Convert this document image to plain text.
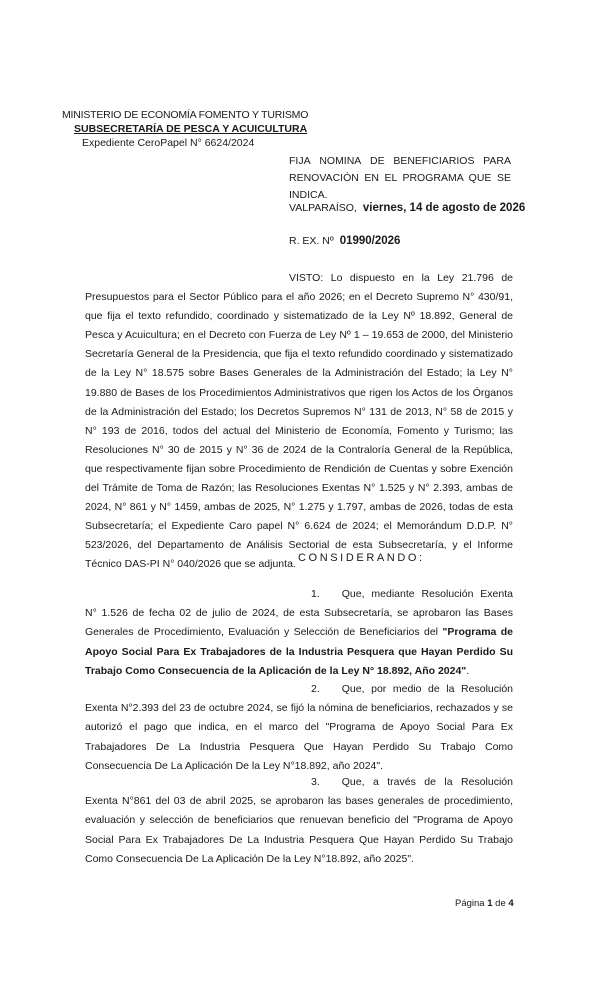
MINISTERIO DE ECONOMÍA FOMENTO Y TURISMO
SUBSECRETARÍA DE PESCA Y ACUICULTURA
Expediente CeroPapel N° 6624/2024
FIJA NOMINA DE BENEFICIARIOS PARA
RENOVACIÓN EN EL PROGRAMA QUE SE INDICA.
VALPARAÍSO, viernes, 14 de agosto de 2026
R. EX. Nº 01990/2026

VISTO: Lo dispuesto en la Ley 21.796 de Presupuestos para el Sector Público para el año 2026; en el Decreto Supremo N° 430/91, que fija el texto refundido, coordinado y sistematizado de la Ley Nº 18.892, General de Pesca y Acuicultura; en el Decreto con Fuerza de Ley Nº 1 – 19.653 de 2000, del Ministerio Secretaría General de la Presidencia, que fija el texto refundido coordinado y sistematizado de la Ley N° 18.575 sobre Bases Generales de la Administración del Estado; la Ley N° 19.880 de Bases de los Procedimientos Administrativos que rigen los Actos de los Órganos de la Administración del Estado; los Decretos Supremos N° 131 de 2013, N° 58 de 2015 y N° 193 de 2016, todos del actual del Ministerio de Economía, Fomento y Turismo; las Resoluciones N° 30 de 2015 y N° 36 de 2024 de la Contraloría General de la República, que respectivamente fijan sobre Procedimiento de Rendición de Cuentas y sobre Exención del Trámite de Toma de Razón; las Resoluciones Exentas N° 1.525 y N° 2.393, ambas de 2024, N° 861 y N° 1459, ambas de 2025, N° 1.275 y 1.797, ambas de 2026, todas de esta Subsecretaría; el Expediente Caro papel N° 6.624 de 2024; el Memorándum D.D.P. N° 523/2026, del Departamento de Análisis Sectorial de esta Subsecretaría, y el Informe Técnico DAS-PI N° 040/2026 que se adjunta.

CONSIDERANDO:

1. Que, mediante Resolución Exenta N° 1.526 de fecha 02 de julio de 2024, de esta Subsecretaría, se aprobaron las Bases Generales de Procedimiento, Evaluación y Selección de Beneficiarios del "Programa de Apoyo Social Para Ex Trabajadores de la Industria Pesquera que Hayan Perdido Su Trabajo Como Consecuencia de la Aplicación de la Ley N° 18.892, Año 2024".

2. Que, por medio de la Resolución Exenta N°2.393 del 23 de octubre 2024, se fijó la nómina de beneficiarios, rechazados y se autorizó el pago que indica, en el marco del "Programa de Apoyo Social Para Ex Trabajadores De La Industria Pesquera Que Hayan Perdido Su Trabajo Como Consecuencia De La Aplicación De la Ley N°18.892, año 2024".

3. Que, a través de la Resolución Exenta N°861 del 03 de abril 2025, se aprobaron las bases generales de procedimiento, evaluación y selección de beneficiarios que renuevan beneficio del "Programa de Apoyo Social Para Ex Trabajadores De La Industria Pesquera Que Hayan Perdido Su Trabajo Como Consecuencia De La Aplicación De la Ley N°18.892, año 2025".

Página 1 de 4
